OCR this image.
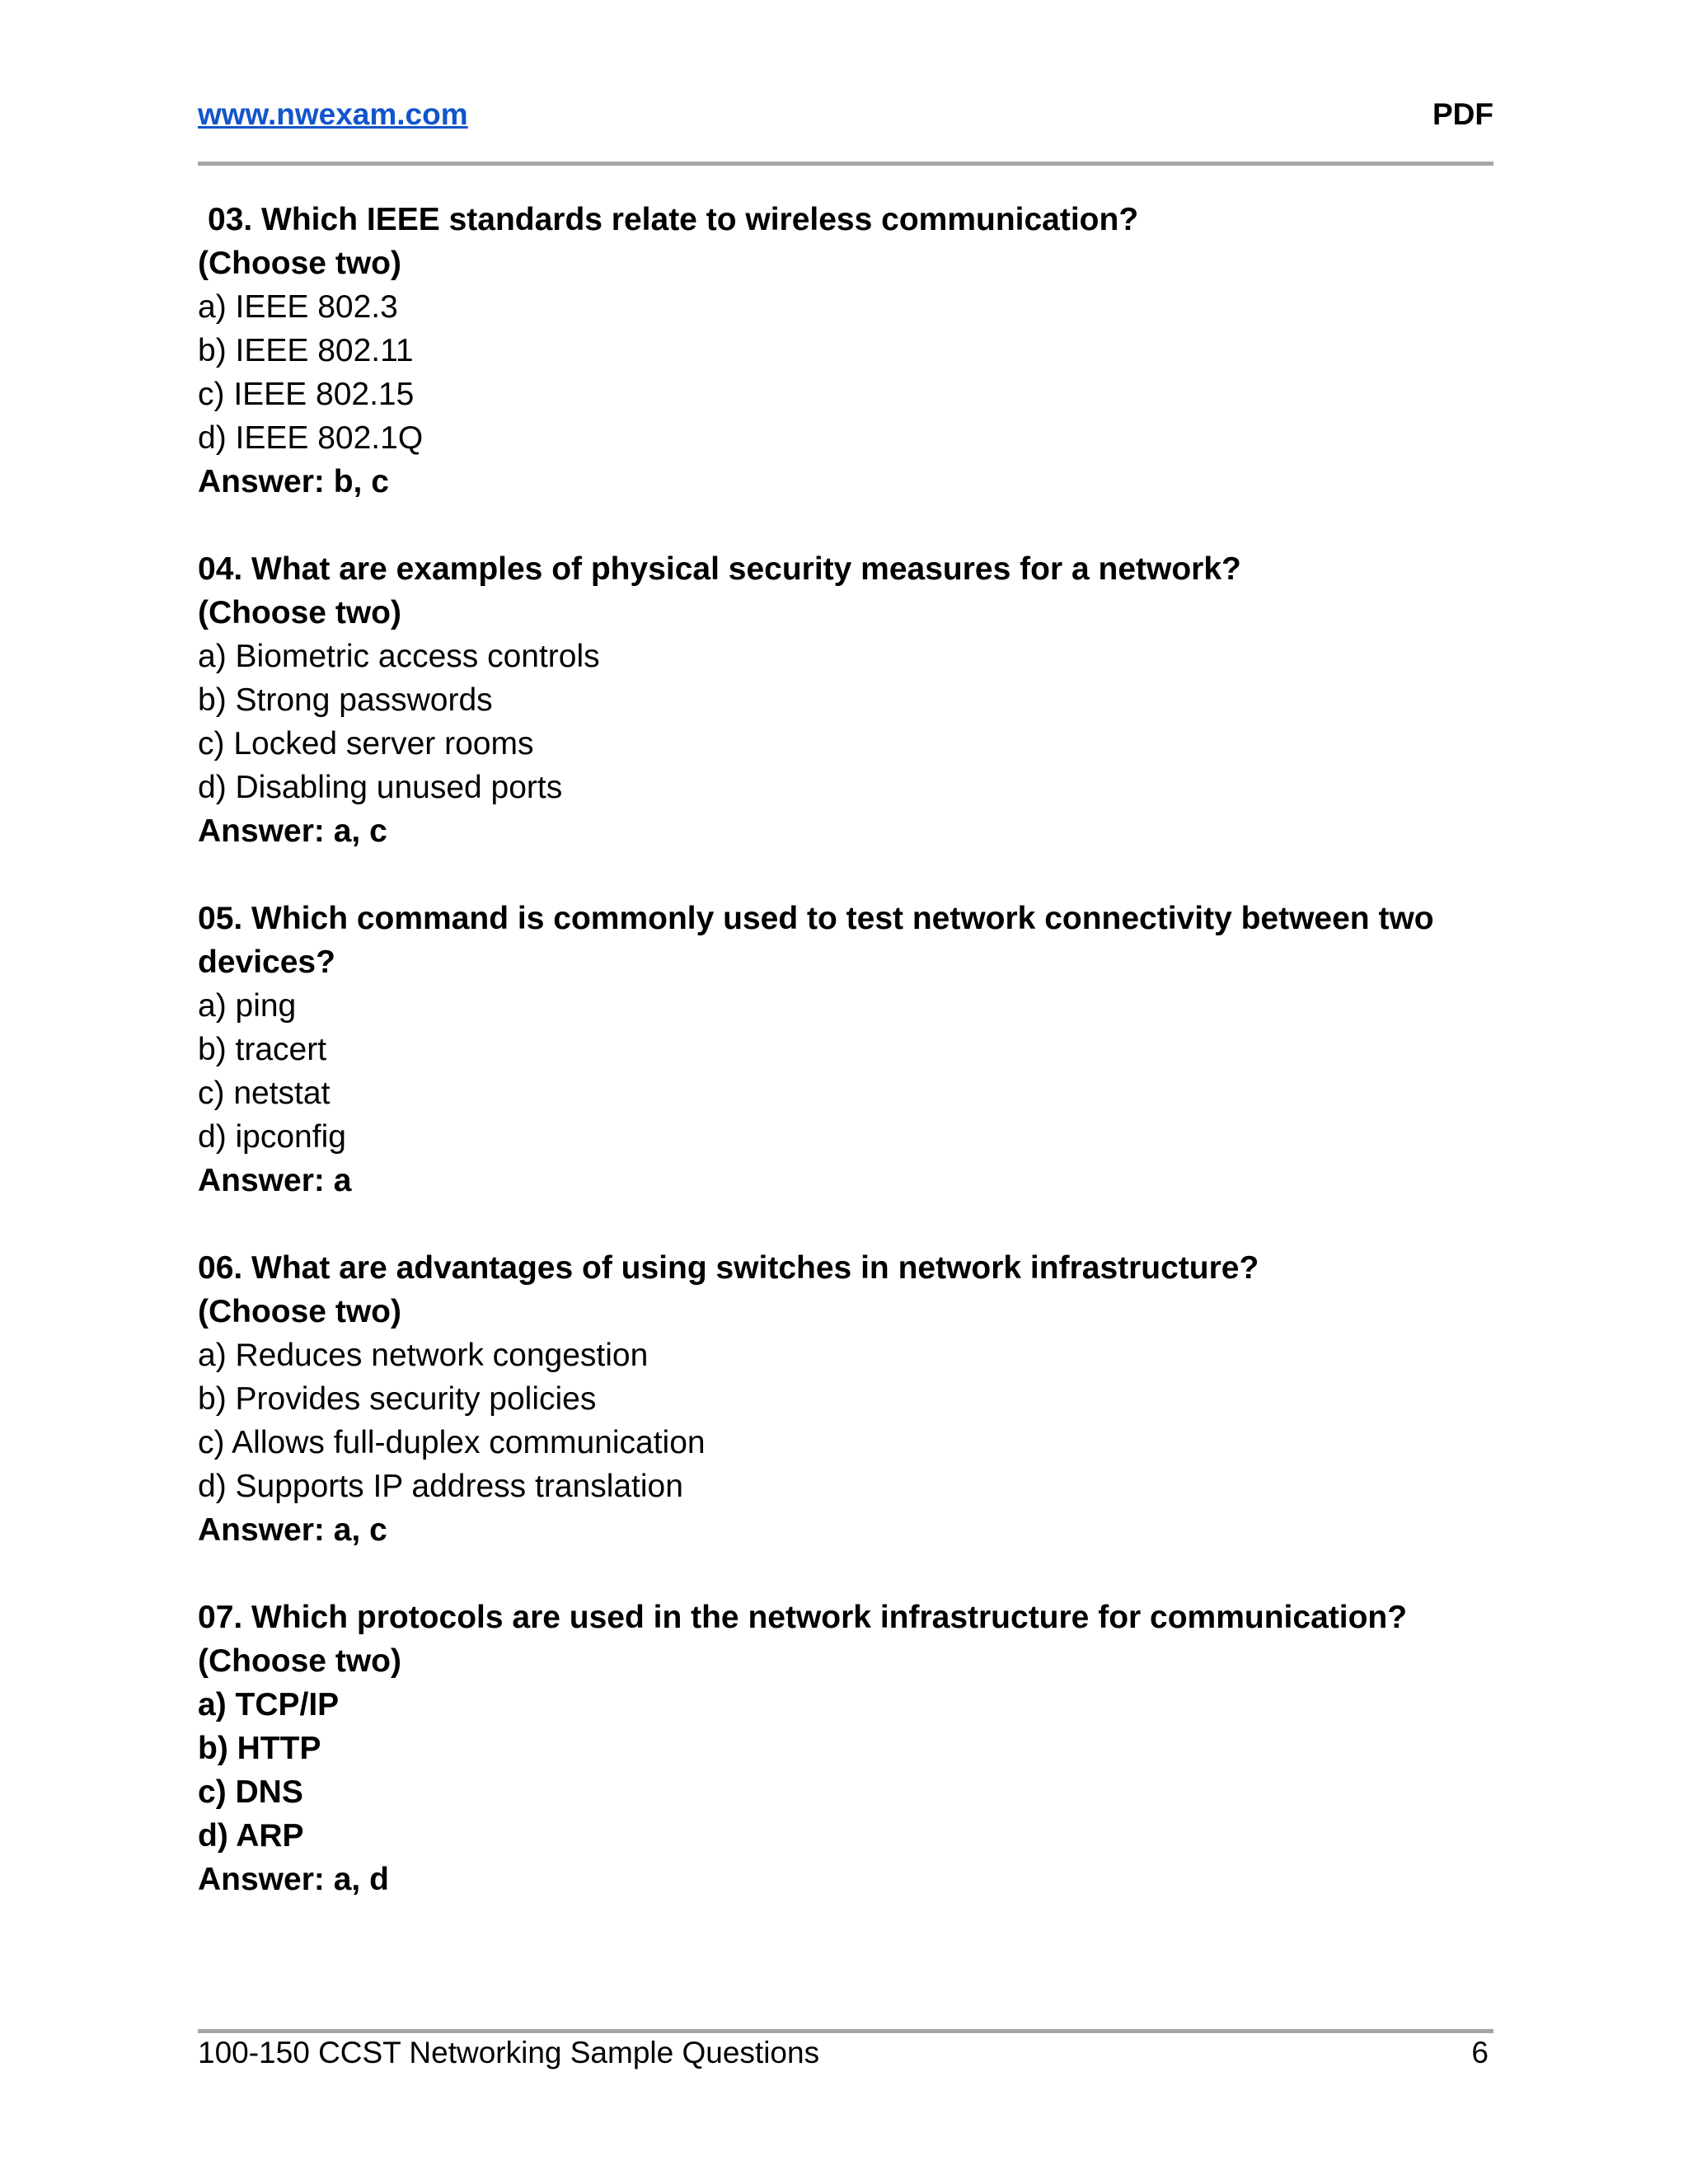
www.nwexam.com	PDF
03. Which IEEE standards relate to wireless communication?
(Choose two)
a) IEEE 802.3
b) IEEE 802.11
c) IEEE 802.15
d) IEEE 802.1Q
Answer: b, c
04. What are examples of physical security measures for a network?
(Choose two)
a) Biometric access controls
b) Strong passwords
c) Locked server rooms
d) Disabling unused ports
Answer: a, c
05. Which command is commonly used to test network connectivity between two
devices?
a) ping
b) tracert
c) netstat
d) ipconfig
Answer: a
06. What are advantages of using switches in network infrastructure?
(Choose two)
a) Reduces network congestion
b) Provides security policies
c) Allows full-duplex communication
d) Supports IP address translation
Answer: a, c
07. Which protocols are used in the network infrastructure for communication?
(Choose two)
a) TCP/IP
b) HTTP
c) DNS
d) ARP
Answer: a, d
100-150 CCST Networking Sample Questions	6
